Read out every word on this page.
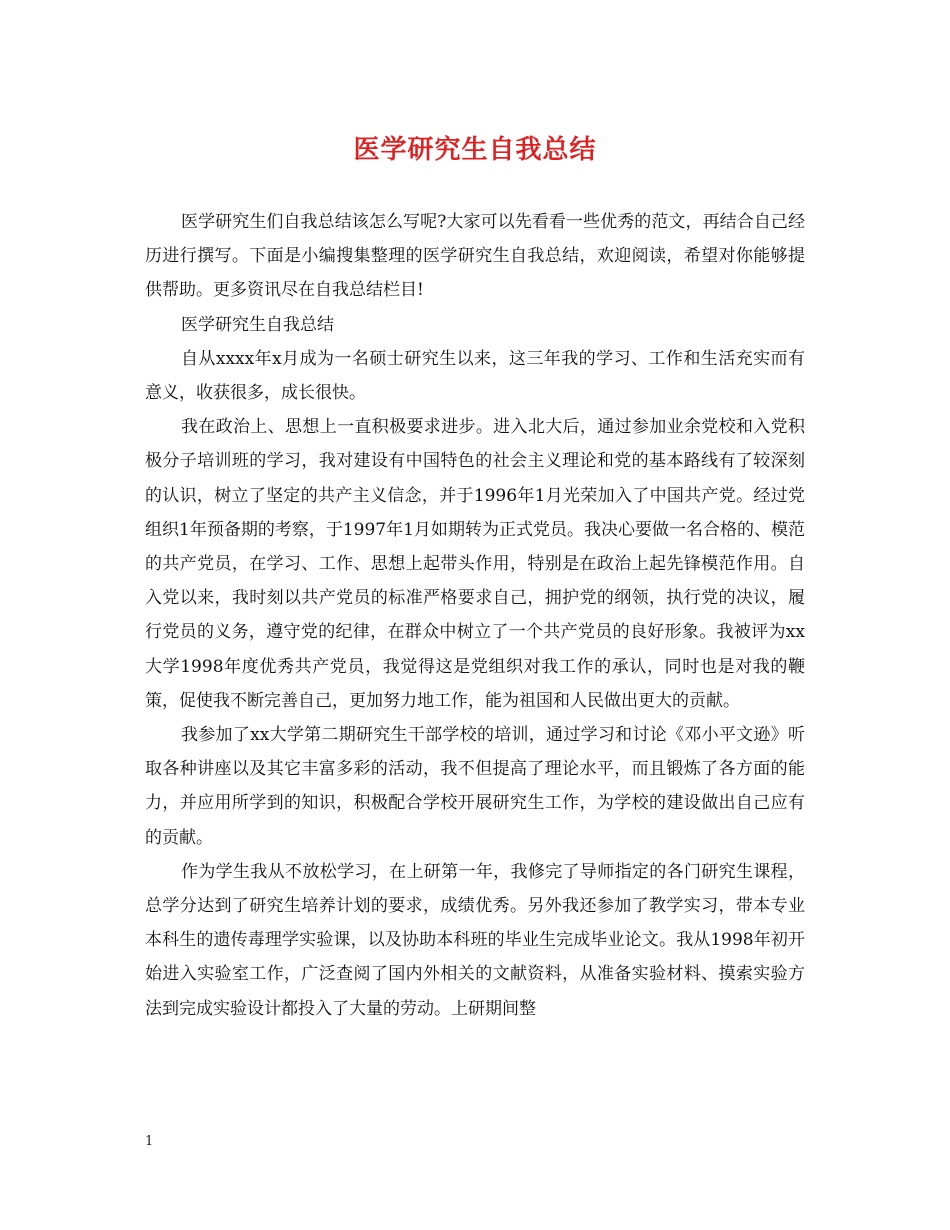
医学研究生自我总结

医学研究生们自我总结该怎么写呢?大家可以先看看一些优秀的范文，再结合自己经历进行撰写。下面是小编搜集整理的医学研究生自我总结，欢迎阅读，希望对你能够提供帮助。更多资讯尽在自我总结栏目!

医学研究生自我总结

自从xxxx年x月成为一名硕士研究生以来，这三年我的学习、工作和生活充实而有意义，收获很多，成长很快。

我在政治上、思想上一直积极要求进步。进入北大后，通过参加业余党校和入党积极分子培训班的学习，我对建设有中国特色的社会主义理论和党的基本路线有了较深刻的认识，树立了坚定的共产主义信念，并于1996年1月光荣加入了中国共产党。经过党组织1年预备期的考察，于1997年1月如期转为正式党员。我决心要做一名合格的、模范的共产党员，在学习、工作、思想上起带头作用，特别是在政治上起先锋模范作用。自入党以来，我时刻以共产党员的标准严格要求自己，拥护党的纲领，执行党的决议，履行党员的义务，遵守党的纪律，在群众中树立了一个共产党员的良好形象。我被评为xx大学1998年度优秀共产党员，我觉得这是党组织对我工作的承认，同时也是对我的鞭策，促使我不断完善自己，更加努力地工作，能为祖国和人民做出更大的贡献。

我参加了xx大学第二期研究生干部学校的培训，通过学习和讨论《邓小平文逊》听取各种讲座以及其它丰富多彩的活动，我不但提高了理论水平，而且锻炼了各方面的能力，并应用所学到的知识，积极配合学校开展研究生工作，为学校的建设做出自己应有的贡献。

作为学生我从不放松学习，在上研第一年，我修完了导师指定的各门研究生课程，总学分达到了研究生培养计划的要求，成绩优秀。另外我还参加了教学实习，带本专业本科生的遗传毒理学实验课，以及协助本科班的毕业生完成毕业论文。我从1998年初开始进入实验室工作，广泛查阅了国内外相关的文献资料，从准备实验材料、摸索实验方法到完成实验设计都投入了大量的劳动。上研期间整

1
